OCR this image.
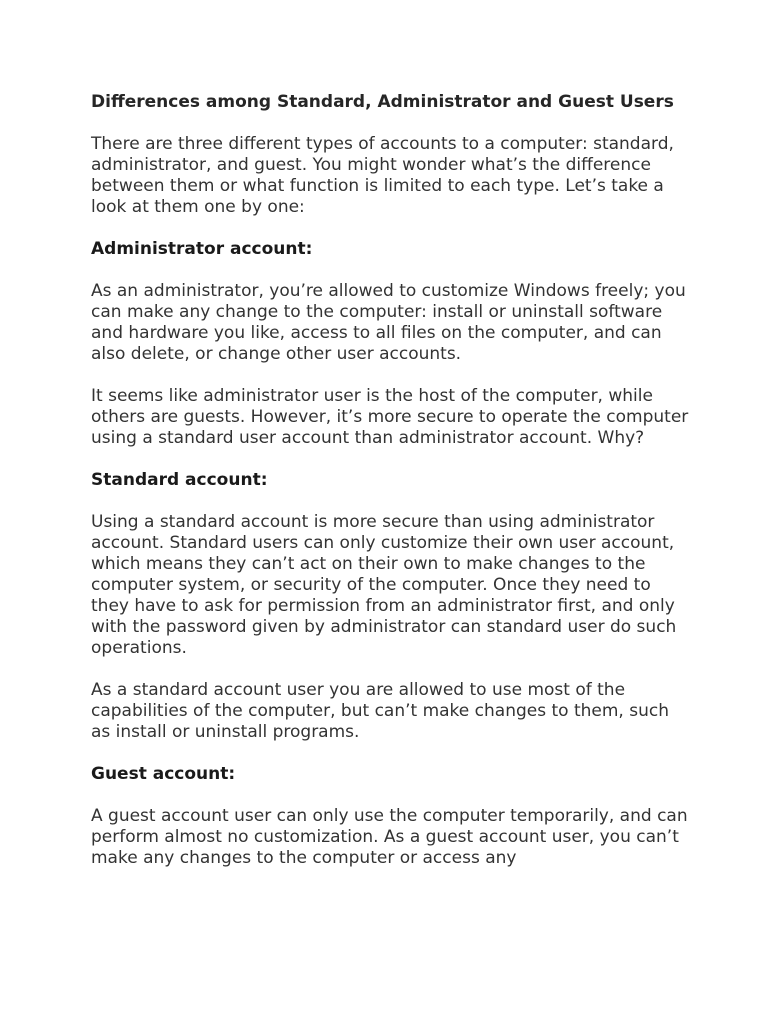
Differences among Standard, Administrator and Guest Users
There are three different types of accounts to a computer: standard, administrator, and guest. You might wonder what’s the difference between them or what function is limited to each type. Let’s take a look at them one by one:
Administrator account:
As an administrator, you’re allowed to customize Windows freely; you can make any change to the computer: install or uninstall software and hardware you like, access to all files on the computer, and can also delete, or change other user accounts.
It seems like administrator user is the host of the computer, while others are guests. However, it’s more secure to operate the computer using a standard user account than administrator account. Why?
Standard account:
Using a standard account is more secure than using administrator account. Standard users can only customize their own user account, which means they can’t act on their own to make changes to the computer system, or security of the computer. Once they need to they have to ask for permission from an administrator first, and only with the password given by administrator can standard user do such operations.
As a standard account user you are allowed to use most of the capabilities of the computer, but can’t make changes to them, such as install or uninstall programs.
Guest account:
A guest account user can only use the computer temporarily, and can perform almost no customization. As a guest account user, you can’t make any changes to the computer or access any
